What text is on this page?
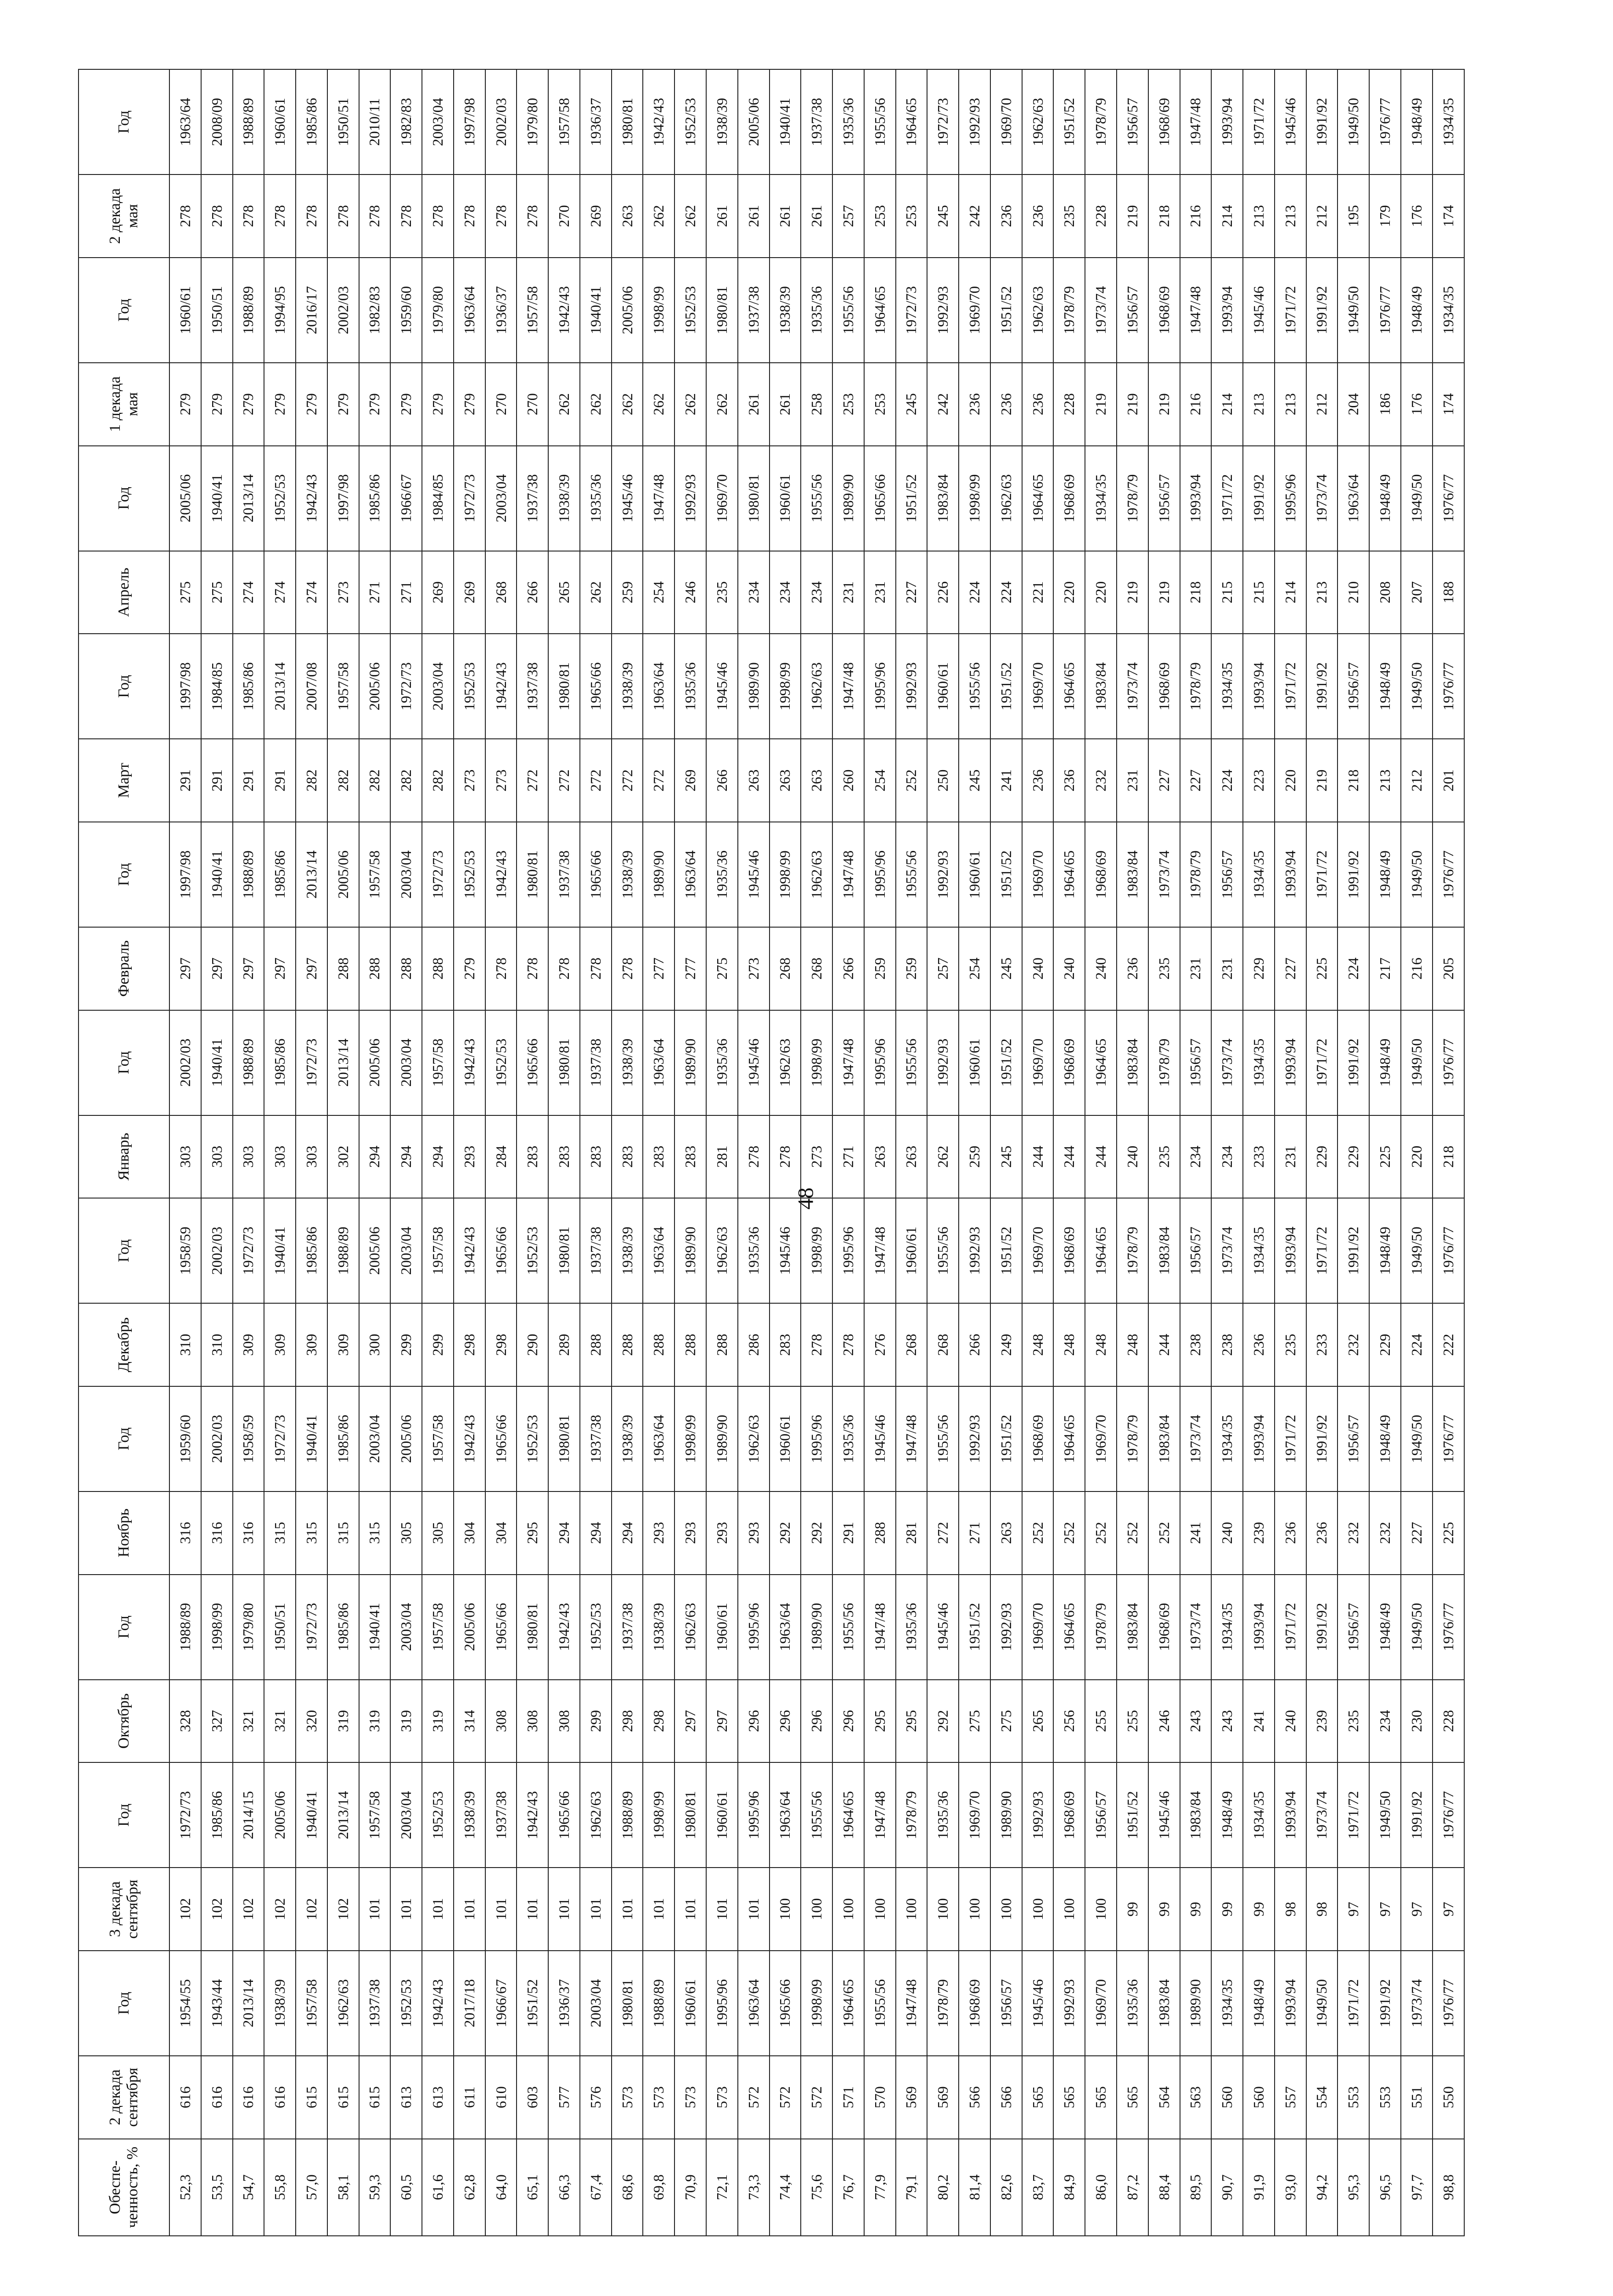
48
Обеспе-ченность, %	2 декада сентября	Год	3 декада сентября	Год	Октябрь	Год	Ноябрь	Год	Декабрь	Год	Январь	Год	Февраль	Год	Март	Год	Апрель	Год	1 декада мая	Год	2 декада мая	Год
52,3	616	1954/55	102	1972/73	328	1988/89	316	1959/60	310	1958/59	303	2002/03	297	1997/98	291	1997/98	275	2005/06	279	1960/61	278	1963/64
53,5	616	1943/44	102	1985/86	327	1998/99	316	2002/03	310	2002/03	303	1940/41	297	1940/41	291	1984/85	275	1940/41	279	1950/51	278	2008/09
54,7	616	2013/14	102	2014/15	321	1979/80	316	1958/59	309	1972/73	303	1988/89	297	1988/89	291	1985/86	274	2013/14	279	1988/89	278	1988/89
55,8	616	1938/39	102	2005/06	321	1950/51	315	1972/73	309	1940/41	303	1985/86	297	1985/86	291	2013/14	274	1952/53	279	1994/95	278	1960/61
57,0	615	1957/58	102	1940/41	320	1972/73	315	1940/41	309	1985/86	303	1972/73	297	2013/14	282	2007/08	274	1942/43	279	2016/17	278	1985/86
58,1	615	1962/63	102	2013/14	319	1985/86	315	1985/86	309	1988/89	302	2013/14	288	2005/06	282	1957/58	273	1997/98	279	2002/03	278	1950/51
59,3	615	1937/38	101	1957/58	319	1940/41	315	2003/04	300	2005/06	294	2005/06	288	1957/58	282	2005/06	271	1985/86	279	1982/83	278	2010/11
60,5	613	1952/53	101	2003/04	319	2003/04	305	2005/06	299	2003/04	294	2003/04	288	2003/04	282	1972/73	271	1966/67	279	1959/60	278	1982/83
61,6	613	1942/43	101	1952/53	319	1957/58	305	1957/58	299	1957/58	294	1957/58	288	1972/73	282	2003/04	269	1984/85	279	1979/80	278	2003/04
62,8	611	2017/18	101	1938/39	314	2005/06	304	1942/43	298	1942/43	293	1942/43	279	1952/53	273	1952/53	269	1972/73	279	1963/64	278	1997/98
64,0	610	1966/67	101	1937/38	308	1965/66	304	1965/66	298	1965/66	284	1952/53	278	1942/43	273	1942/43	268	2003/04	270	1936/37	278	2002/03
65,1	603	1951/52	101	1942/43	308	1980/81	295	1952/53	290	1952/53	283	1965/66	278	1980/81	272	1937/38	266	1937/38	270	1957/58	278	1979/80
66,3	577	1936/37	101	1965/66	308	1942/43	294	1980/81	289	1980/81	283	1980/81	278	1937/38	272	1980/81	265	1938/39	262	1942/43	270	1957/58
67,4	576	2003/04	101	1962/63	299	1952/53	294	1937/38	288	1937/38	283	1937/38	278	1965/66	272	1965/66	262	1935/36	262	1940/41	269	1936/37
68,6	573	1980/81	101	1988/89	298	1937/38	294	1938/39	288	1938/39	283	1938/39	278	1938/39	272	1938/39	259	1945/46	262	2005/06	263	1980/81
69,8	573	1988/89	101	1998/99	298	1938/39	293	1963/64	288	1963/64	283	1963/64	277	1989/90	272	1963/64	254	1947/48	262	1998/99	262	1942/43
70,9	573	1960/61	101	1980/81	297	1962/63	293	1998/99	288	1989/90	283	1989/90	277	1963/64	269	1935/36	246	1992/93	262	1952/53	262	1952/53
72,1	573	1995/96	101	1960/61	297	1960/61	293	1989/90	288	1962/63	281	1935/36	275	1935/36	266	1945/46	235	1969/70	262	1980/81	261	1938/39
73,3	572	1963/64	101	1995/96	296	1995/96	293	1962/63	286	1935/36	278	1945/46	273	1945/46	263	1989/90	234	1980/81	261	1937/38	261	2005/06
74,4	572	1965/66	100	1963/64	296	1963/64	292	1960/61	283	1945/46	278	1962/63	268	1998/99	263	1998/99	234	1960/61	261	1938/39	261	1940/41
75,6	572	1998/99	100	1955/56	296	1989/90	292	1995/96	278	1998/99	273	1998/99	268	1962/63	263	1962/63	234	1955/56	258	1935/36	261	1937/38
76,7	571	1964/65	100	1964/65	296	1955/56	291	1935/36	278	1995/96	271	1947/48	266	1947/48	260	1947/48	231	1989/90	253	1955/56	257	1935/36
77,9	570	1955/56	100	1947/48	295	1947/48	288	1945/46	276	1947/48	263	1995/96	259	1995/96	254	1995/96	231	1965/66	253	1964/65	253	1955/56
79,1	569	1947/48	100	1978/79	295	1935/36	281	1947/48	268	1960/61	263	1955/56	259	1955/56	252	1992/93	227	1951/52	245	1972/73	253	1964/65
80,2	569	1978/79	100	1935/36	292	1945/46	272	1955/56	268	1955/56	262	1992/93	257	1992/93	250	1960/61	226	1983/84	242	1992/93	245	1972/73
81,4	566	1968/69	100	1969/70	275	1951/52	271	1992/93	266	1992/93	259	1960/61	254	1960/61	245	1955/56	224	1998/99	236	1969/70	242	1992/93
82,6	566	1956/57	100	1989/90	275	1992/93	263	1951/52	249	1951/52	245	1951/52	245	1951/52	241	1951/52	224	1962/63	236	1951/52	236	1969/70
83,7	565	1945/46	100	1992/93	265	1969/70	252	1968/69	248	1969/70	244	1969/70	240	1969/70	236	1969/70	221	1964/65	236	1962/63	236	1962/63
84,9	565	1992/93	100	1968/69	256	1964/65	252	1964/65	248	1968/69	244	1968/69	240	1964/65	236	1964/65	220	1968/69	228	1978/79	235	1951/52
86,0	565	1969/70	100	1956/57	255	1978/79	252	1969/70	248	1964/65	244	1964/65	240	1968/69	232	1983/84	220	1934/35	219	1973/74	228	1978/79
87,2	565	1935/36	99	1951/52	255	1983/84	252	1978/79	248	1978/79	240	1983/84	236	1983/84	231	1973/74	219	1978/79	219	1956/57	219	1956/57
88,4	564	1983/84	99	1945/46	246	1968/69	252	1983/84	244	1983/84	235	1978/79	235	1973/74	227	1968/69	219	1956/57	219	1968/69	218	1968/69
89,5	563	1989/90	99	1983/84	243	1973/74	241	1973/74	238	1956/57	234	1956/57	231	1978/79	227	1978/79	218	1993/94	216	1947/48	216	1947/48
90,7	560	1934/35	99	1948/49	243	1934/35	240	1934/35	238	1973/74	234	1973/74	231	1956/57	224	1934/35	215	1971/72	214	1993/94	214	1993/94
91,9	560	1948/49	99	1934/35	241	1993/94	239	1993/94	236	1934/35	233	1934/35	229	1934/35	223	1993/94	215	1991/92	213	1945/46	213	1971/72
93,0	557	1993/94	98	1993/94	240	1971/72	236	1971/72	235	1993/94	231	1993/94	227	1993/94	220	1971/72	214	1995/96	213	1971/72	213	1945/46
94,2	554	1949/50	98	1973/74	239	1991/92	236	1991/92	233	1971/72	229	1971/72	225	1971/72	219	1991/92	213	1973/74	212	1991/92	212	1991/92
95,3	553	1971/72	97	1971/72	235	1956/57	232	1956/57	232	1991/92	229	1991/92	224	1991/92	218	1956/57	210	1963/64	204	1949/50	195	1949/50
96,5	553	1991/92	97	1949/50	234	1948/49	232	1948/49	229	1948/49	225	1948/49	217	1948/49	213	1948/49	208	1948/49	186	1976/77	179	1976/77
97,7	551	1973/74	97	1991/92	230	1949/50	227	1949/50	224	1949/50	220	1949/50	216	1949/50	212	1949/50	207	1949/50	176	1948/49	176	1948/49
98,8	550	1976/77	97	1976/77	228	1976/77	225	1976/77	222	1976/77	218	1976/77	205	1976/77	201	1976/77	188	1976/77	174	1934/35	174	1934/35
